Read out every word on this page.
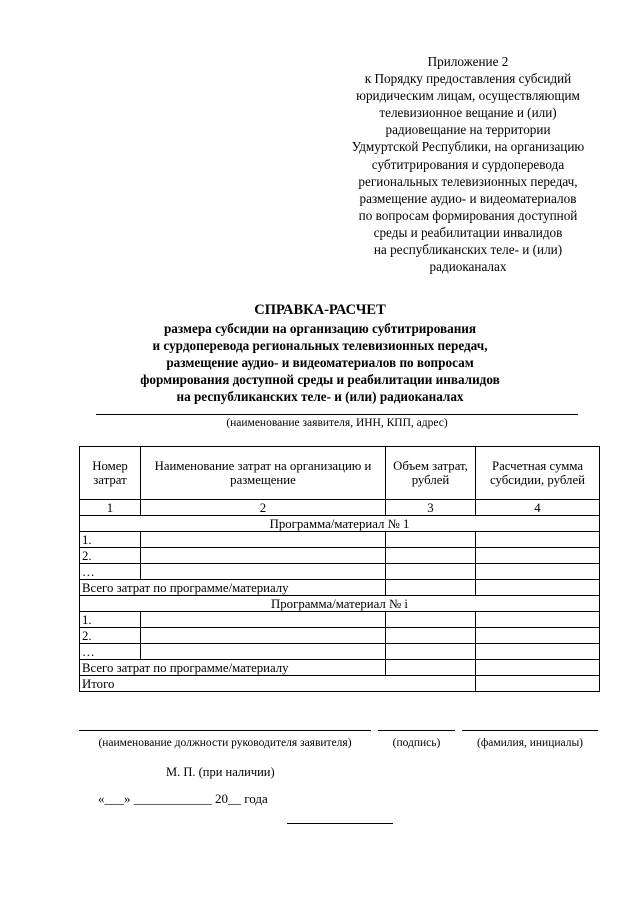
Приложение 2
к Порядку предоставления субсидий
юридическим лицам, осуществляющим
телевизионное вещание и (или)
радиовещание на территории
Удмуртской Республики, на организацию
субтитрирования и сурдоперевода
региональных телевизионных передач,
размещение аудио- и видеоматериалов
по вопросам формирования доступной
среды и реабилитации инвалидов
на республиканских теле- и (или)
радиоканалах
СПРАВКА-РАСЧЕТ
размера субсидии на организацию субтитрирования
и сурдоперевода региональных телевизионных передач,
размещение аудио- и видеоматериалов по вопросам
формирования доступной среды и реабилитации инвалидов
на республиканских теле- и (или) радиоканалах
(наименование заявителя, ИНН, КПП, адрес)
Номер затрат	Наименование затрат на организацию и размещение	Объем затрат, рублей	Расчетная сумма субсидии, рублей
1	2	3	4
Программа/материал № 1			
1.			
2.			
…			
Всего затрат по программе/материалу			
Программа/материал № i			
1.			
2.			
…			
Всего затрат по программе/материалу			
Итого			
(наименование должности руководителя заявителя)	(подпись)	(фамилия, инициалы)
М. П. (при наличии)
«___» ____________ 20__ года
